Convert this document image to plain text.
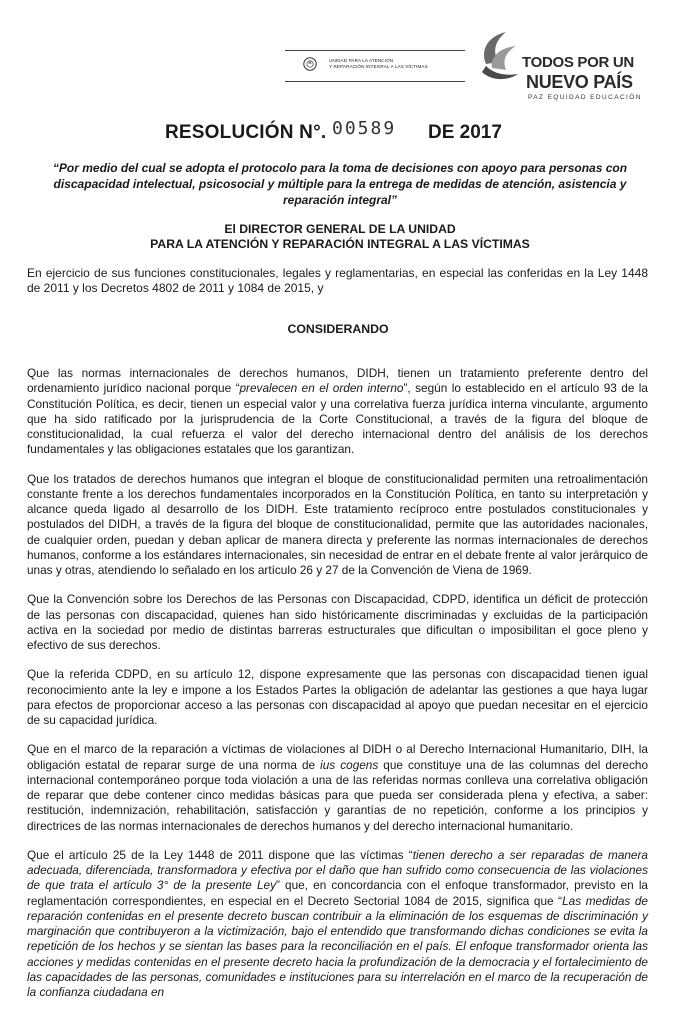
UNIDAD PARA LA ATENCIÓN
Y REPARACIÓN INTEGRAL A LAS VÍCTIMAS	TODOS POR UN
NUEVO PAÍS
PAZ EQUIDAD EDUCACIÓN
RESOLUCIÓN N°. 00589 DE 2017
“Por medio del cual se adopta el protocolo para la toma de decisiones con apoyo para personas con discapacidad intelectual, psicosocial y múltiple para la entrega de medidas de atención, asistencia y reparación integral”
El DIRECTOR GENERAL DE LA UNIDAD
PARA LA ATENCIÓN Y REPARACIÓN INTEGRAL A LAS VÍCTIMAS
En ejercicio de sus funciones constitucionales, legales y reglamentarias, en especial las conferidas en la Ley 1448 de 2011 y los Decretos 4802 de 2011 y 1084 de 2015, y
CONSIDERANDO

Que las normas internacionales de derechos humanos, DIDH, tienen un tratamiento preferente dentro del ordenamiento jurídico nacional porque “prevalecen en el orden interno”, según lo establecido en el artículo 93 de la Constitución Política, es decir, tienen un especial valor y una correlativa fuerza jurídica interna vinculante, argumento que ha sido ratificado por la jurisprudencia de la Corte Constitucional, a través de la figura del bloque de constitucionalidad, la cual refuerza el valor del derecho internacional dentro del análisis de los derechos fundamentales y las obligaciones estatales que los garantizan.

Que los tratados de derechos humanos que integran el bloque de constitucionalidad permiten una retroalimentación constante frente a los derechos fundamentales incorporados en la Constitución Política, en tanto su interpretación y alcance queda ligado al desarrollo de los DIDH. Este tratamiento recíproco entre postulados constitucionales y postulados del DIDH, a través de la figura del bloque de constitucionalidad, permite que las autoridades nacionales, de cualquier orden, puedan y deban aplicar de manera directa y preferente las normas internacionales de derechos humanos, conforme a los estándares internacionales, sin necesidad de entrar en el debate frente al valor jerárquico de unas y otras, atendiendo lo señalado en los artículo 26 y 27 de la Convención de Viena de 1969.

Que la Convención sobre los Derechos de las Personas con Discapacidad, CDPD, identifica un déficit de protección de las personas con discapacidad, quienes han sido históricamente discriminadas y excluidas de la participación activa en la sociedad por medio de distintas barreras estructurales que dificultan o imposibilitan el goce pleno y efectivo de sus derechos.

Que la referida CDPD, en su artículo 12, dispone expresamente que las personas con discapacidad tienen igual reconocimiento ante la ley e impone a los Estados Partes la obligación de adelantar las gestiones a que haya lugar para efectos de proporcionar acceso a las personas con discapacidad al apoyo que puedan necesitar en el ejercicio de su capacidad jurídica.

Que en el marco de la reparación a víctimas de violaciones al DIDH o al Derecho Internacional Humanitario, DIH, la obligación estatal de reparar surge de una norma de ius cogens que constituye una de las columnas del derecho internacional contemporáneo porque toda violación a una de las referidas normas conlleva una correlativa obligación de reparar que debe contener cinco medidas básicas para que pueda ser considerada plena y efectiva, a saber: restitución, indemnización, rehabilitación, satisfacción y garantías de no repetición, conforme a los principios y directrices de las normas internacionales de derechos humanos y del derecho internacional humanitario.

Que el artículo 25 de la Ley 1448 de 2011 dispone que las víctimas “tienen derecho a ser reparadas de manera adecuada, diferenciada, transformadora y efectiva por el daño que han sufrido como consecuencia de las violaciones de que trata el artículo 3° de la presente Ley” que, en concordancia con el enfoque transformador, previsto en la reglamentación correspondientes, en especial en el Decreto Sectorial 1084 de 2015, significa que “Las medidas de reparación contenidas en el presente decreto buscan contribuir a la eliminación de los esquemas de discriminación y marginación que contribuyeron a la victimización, bajo el entendido que transformando dichas condiciones se evita la repetición de los hechos y se sientan las bases para la reconciliación en el país. El enfoque transformador orienta las acciones y medidas contenidas en el presente decreto hacia la profundización de la democracia y el fortalecimiento de las capacidades de las personas, comunidades e instituciones para su interrelación en el marco de la recuperación de la confianza ciudadana en
